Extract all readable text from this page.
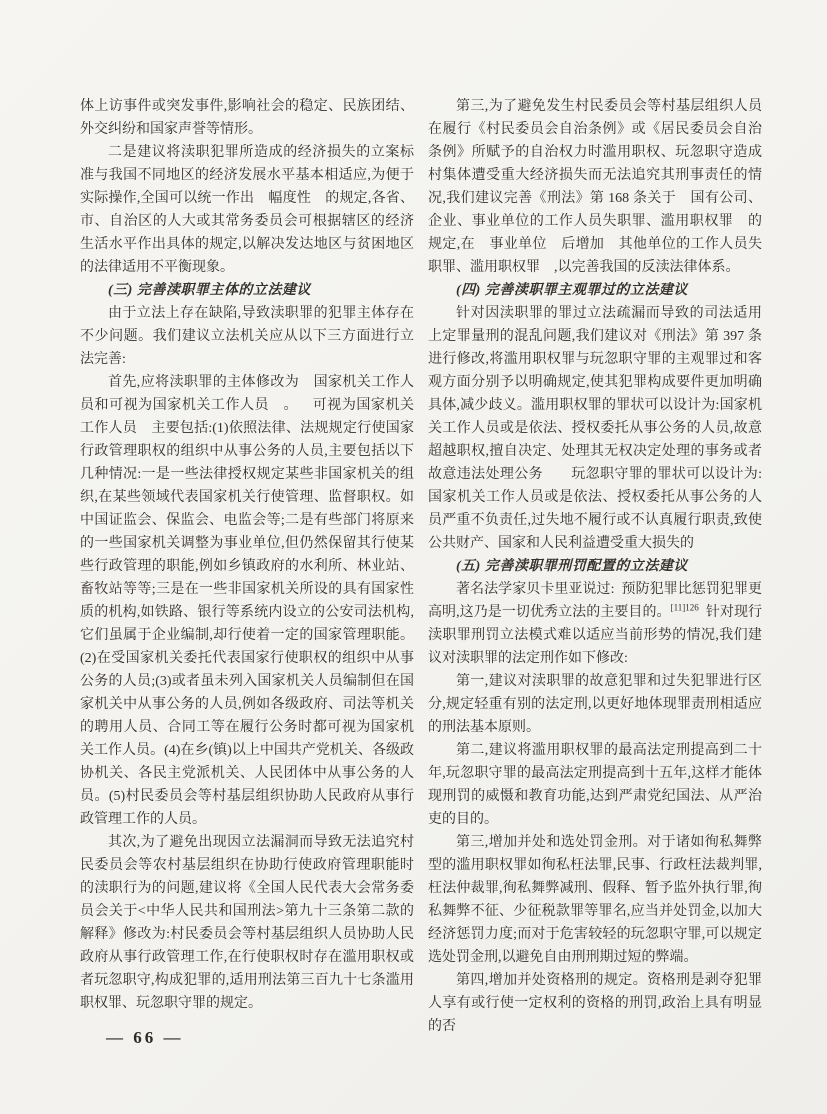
体上访事件或突发事件,影响社会的稳定、民族团结、外交纠纷和国家声誉等情形。

二是建议将渎职犯罪所造成的经济损失的立案标准与我国不同地区的经济发展水平基本相适应,为便于实际操作,全国可以统一作出 幅度性 的规定,各省、市、自治区的人大或其常务委员会可根据辖区的经济生活水平作出具体的规定,以解决发达地区与贫困地区的法律适用不平衡现象。

(三) 完善渎职罪主体的立法建议

由于立法上存在缺陷,导致渎职罪的犯罪主体存在不少问题。我们建议立法机关应从以下三方面进行立法完善:

首先,应将渎职罪的主体修改为 国家机关工作人员和可视为国家机关工作人员 。 可视为国家机关工作人员 主要包括:(1)依照法律、法规规定行使国家行政管理职权的组织中从事公务的人员,主要包括以下几种情况:一是一些法律授权规定某些非国家机关的组织,在某些领域代表国家机关行使管理、监督职权。如中国证监会、保监会、电监会等;二是有些部门将原来的一些国家机关调整为事业单位,但仍然保留其行使某些行政管理的职能,例如乡镇政府的水利所、林业站、畜牧站等等;三是在一些非国家机关所设的具有国家性质的机构,如铁路、银行等系统内设立的公安司法机构,它们虽属于企业编制,却行使着一定的国家管理职能。(2)在受国家机关委托代表国家行使职权的组织中从事公务的人员;(3)或者虽未列入国家机关人员编制但在国家机关中从事公务的人员,例如各级政府、司法等机关的聘用人员、合同工等在履行公务时都可视为国家机关工作人员。(4)在乡(镇)以上中国共产党机关、各级政协机关、各民主党派机关、人民团体中从事公务的人员。(5)村民委员会等村基层组织协助人民政府从事行政管理工作的人员。

其次,为了避免出现因立法漏洞而导致无法追究村民委员会等农村基层组织在协助行使政府管理职能时的渎职行为的问题,建议将《全国人民代表大会常务委员会关于<中华人民共和国刑法>第九十三条第二款的解释》修改为:村民委员会等村基层组织人员协助人民政府从事行政管理工作,在行使职权时存在滥用职权或者玩忽职守,构成犯罪的,适用刑法第三百九十七条滥用职权罪、玩忽职守罪的规定。

第三,为了避免发生村民委员会等村基层组织人员在履行《村民委员会自治条例》或《居民委员会自治条例》所赋予的自治权力时滥用职权、玩忽职守造成村集体遭受重大经济损失而无法追究其刑事责任的情况,我们建议完善《刑法》第 168 条关于 国有公司、企业、事业单位的工作人员失职罪、滥用职权罪 的规定,在 事业单位 后增加 其他单位的工作人员失职罪、滥用职权罪 ,以完善我国的反渎法律体系。

(四) 完善渎职罪主观罪过的立法建议

针对因渎职罪的罪过立法疏漏而导致的司法适用上定罪量刑的混乱问题,我们建议对《刑法》第 397 条进行修改,将滥用职权罪与玩忽职守罪的主观罪过和客观方面分别予以明确规定,使其犯罪构成要件更加明确具体,减少歧义。滥用职权罪的罪状可以设计为:国家机关工作人员或是依法、授权委托从事公务的人员,故意超越职权,擅自决定、处理其无权决定处理的事务或者故意违法处理公务  玩忽职守罪的罪状可以设计为:国家机关工作人员或是依法、授权委托从事公务的人员严重不负责任,过失地不履行或不认真履行职责,致使公共财产、国家和人民利益遭受重大损失的

(五) 完善渎职罪刑罚配置的立法建议

著名法学家贝卡里亚说过: 预防犯罪比惩罚犯罪更高明,这乃是一切优秀立法的主要目的。$^{[11]126}$ 针对现行渎职罪刑罚立法模式难以适应当前形势的情况,我们建议对渎职罪的法定刑作如下修改:

第一,建议对渎职罪的故意犯罪和过失犯罪进行区分,规定轻重有别的法定刑,以更好地体现罪责刑相适应的刑法基本原则。

第二,建议将滥用职权罪的最高法定刑提高到二十年,玩忽职守罪的最高法定刑提高到十五年,这样才能体现刑罚的威慑和教育功能,达到严肃党纪国法、从严治吏的目的。

第三,增加并处和选处罚金刑。对于诸如徇私舞弊型的滥用职权罪如徇私枉法罪,民事、行政枉法裁判罪,枉法仲裁罪,徇私舞弊减刑、假释、暂予监外执行罪,徇私舞弊不征、少征税款罪等罪名,应当并处罚金,以加大经济惩罚力度;而对于危害较轻的玩忽职守罪,可以规定选处罚金刑,以避免自由刑刑期过短的弊端。

第四,增加并处资格刑的规定。资格刑是剥夺犯罪人享有或行使一定权利的资格的刑罚,政治上具有明显的否

— 66 —
